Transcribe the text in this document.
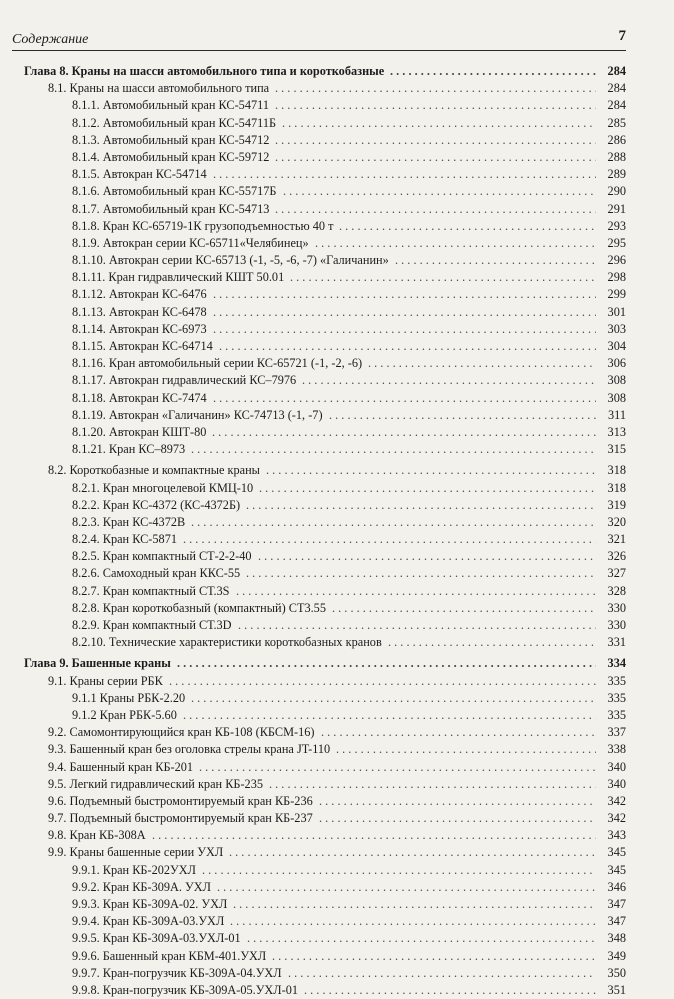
Содержание	7
Глава 8. Краны на шасси автомобильного типа и короткобазные . . .	284
8.1. Краны на шасси автомобильного типа . . .	284
8.1.1. Автомобильный кран КС-54711 . . .	284
8.1.2. Автомобильный кран КС-54711Б . . .	285
8.1.3. Автомобильный кран КС-54712 . . .	286
8.1.4. Автомобильный кран КС-59712 . . .	288
8.1.5. Автокран КС-54714 . . .	289
8.1.6. Автомобильный кран КС-55717Б . . .	290
8.1.7. Автомобильный кран КС-54713 . . .	291
8.1.8. Кран КС-65719-1К грузоподъемностью 40 т . . .	293
8.1.9. Автокран серии КС-65711«Челябинец» . . .	295
8.1.10. Автокран серии КС-65713 (-1, -5, -6, -7) «Галичанин» . . .	296
8.1.11. Кран гидравлический КШТ 50.01 . . .	298
8.1.12. Автокран КС-6476 . . .	299
8.1.13. Автокран КС-6478 . . .	301
8.1.14. Автокран КС-6973 . . .	303
8.1.15. Автокран КС-64714 . . .	304
8.1.16. Кран автомобильный серии КС-65721 (-1, -2, -6) . . .	306
8.1.17. Автокран гидравлический КС–7976 . . .	308
8.1.18. Автокран КС-7474 . . .	308
8.1.19. Автокран «Галичанин» КС-74713 (-1, -7) . . .	311
8.1.20. Автокран КШТ-80 . . .	313
8.1.21. Кран КС–8973 . . .	315
8.2. Короткобазные и компактные краны . . .	318
8.2.1. Кран многоцелевой КМЦ-10 . . .	318
8.2.2. Кран КС-4372 (КС-4372Б) . . .	319
8.2.3. Кран КС-4372В . . .	320
8.2.4. Кран КС-5871 . . .	321
8.2.5. Кран компактный СТ-2-2-40 . . .	326
8.2.6. Самоходный кран ККС-55 . . .	327
8.2.7. Кран компактный СТ.3S . . .	328
8.2.8. Кран короткобазный (компактный) СТ3.55 . . .	330
8.2.9. Кран компактный СТ.3D . . .	330
8.2.10. Технические характеристики короткобазных кранов . . .	331
Глава 9. Башенные краны . . .	334
9.1. Краны серии РБК . . .	335
9.1.1 Краны РБК-2.20 . . .	335
9.1.2 Кран РБК-5.60 . . .	335
9.2. Самомонтирующийся кран КБ-108 (КБСМ-16) . . .	337
9.3. Башенный кран без оголовка стрелы крана JT-110 . . .	338
9.4. Башенный кран КБ-201 . . .	340
9.5. Легкий гидравлический кран КБ-235 . . .	340
9.6. Подъемный быстромонтируемый кран КБ-236 . . .	342
9.7. Подъемный быстромонтируемый кран КБ-237 . . .	342
9.8. Кран КБ-308А . . .	343
9.9. Краны башенные серии УХЛ . . .	345
9.9.1. Кран КБ-202УХЛ . . .	345
9.9.2. Кран КБ-309А. УХЛ . . .	346
9.9.3. Кран КБ-309А-02. УХЛ . . .	347
9.9.4. Кран КБ-309А-03.УХЛ . . .	347
9.9.5. Кран КБ-309А-03.УХЛ-01 . . .	348
9.9.6. Башенный кран КБМ-401.УХЛ . . .	349
9.9.7. Кран-погрузчик КБ-309А-04.УХЛ . . .	350
9.9.8. Кран-погрузчик КБ-309А-05.УХЛ-01 . . .	351
